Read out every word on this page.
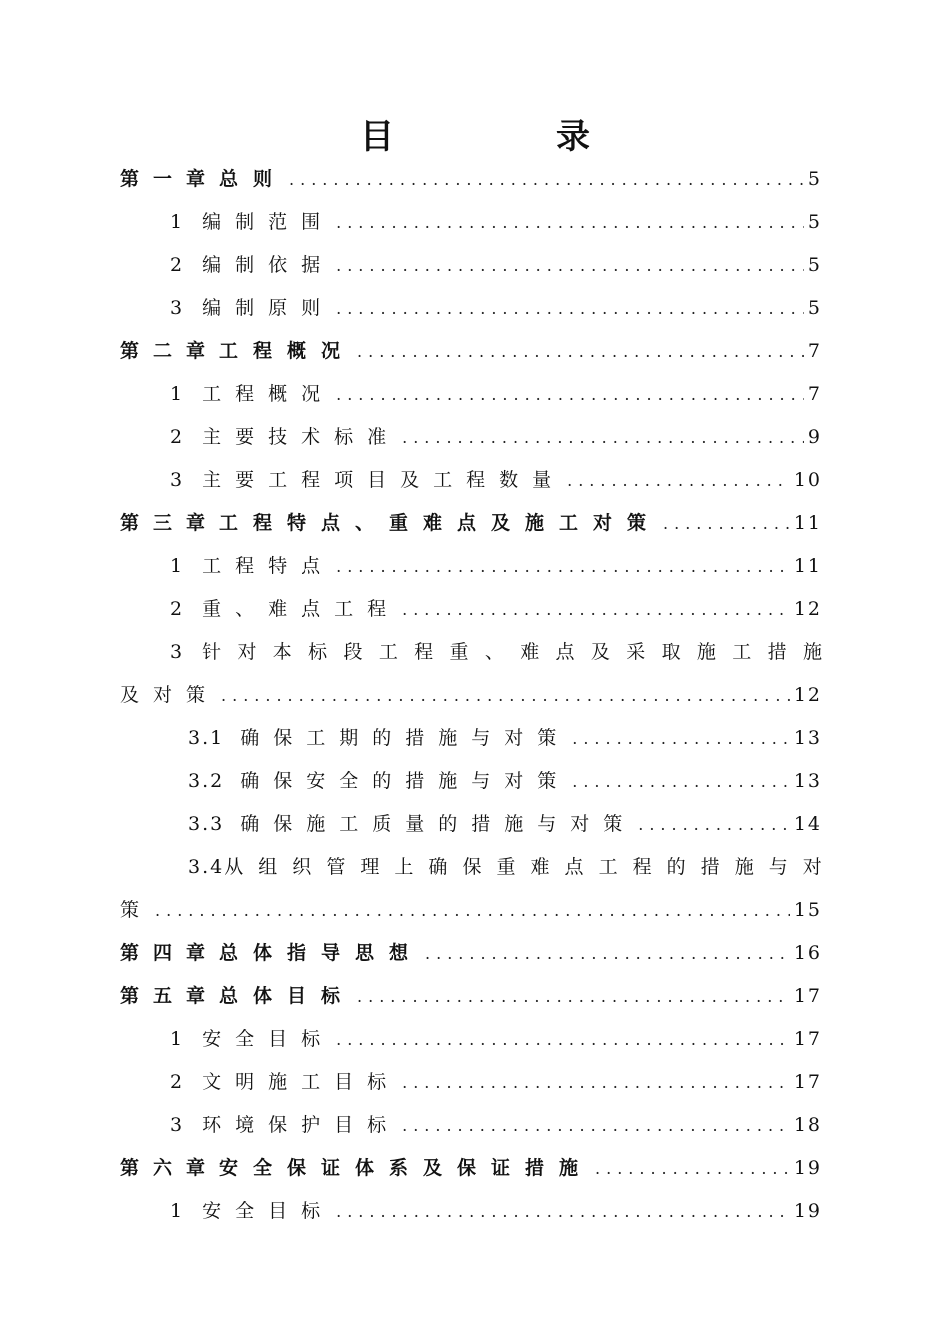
目　录
第一章 总则 .....	5
1 编制范围 .....	5
2 编制依据 .....	5
3 编制原则 .....	5
第二章 工程概况 .....	7
1 工程概况 .....	7
2 主要技术标准 .....	9
3 主要工程项目及工程数量 .....	10
第三章 工程特点、重难点及施工对策 .....	11
1 工程特点 .....	11
2 重、难点工程 .....	12
3 针 对 本 标 段 工 程 重 、 难 点 及 采 取 施 工 措 施
及对策 .....	12
3.1 确保工期的措施与对策 .....	13
3.2 确保安全的措施与对策 .....	13
3.3 确保施工质量的措施与对策 .....	14
3.4 从 组 织 管 理 上 确 保 重 难 点 工 程 的 措 施 与 对
策 .....	15
第四章 总体指导思想 .....	16
第五章 总体目标 .....	17
1 安全目标 .....	17
2 文明施工目标 .....	17
3 环境保护目标 .....	18
第六章 安全保证体系及保证措施 .....	19
1 安全目标 .....	19
